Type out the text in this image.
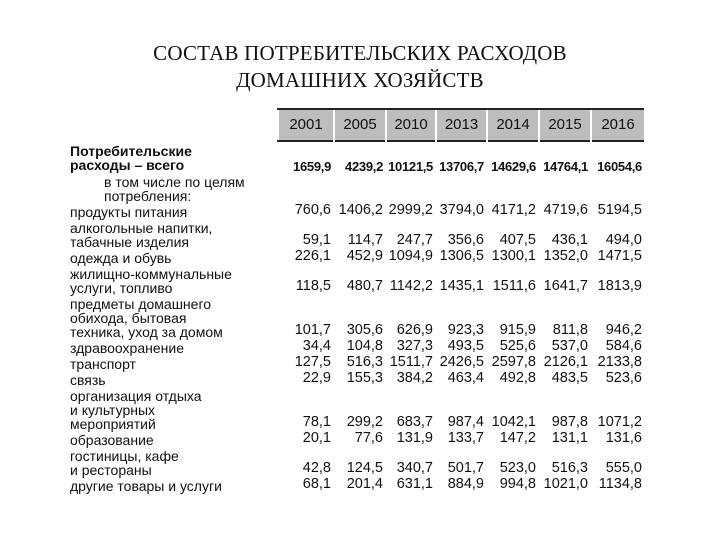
СОСТАВ ПОТРЕБИТЕЛЬСКИХ РАСХОДОВ
ДОМАШНИХ ХОЗЯЙСТВ
2001	2005	2010	2013	2014	2015	2016
Потребительские
расходы – всего	1659,9	4239,2 10121,5 13706,7 14629,6 14764,1 16054,6
в том числе по целям
потребления:
продукты питания	760,6 1406,2 2999,2 3794,0 4171,2 4719,6 5194,5
алкогольные напитки,
табачные изделия	59,1	114,7 247,7	356,6	407,5	436,1	494,0
одежда и обувь	226,1	452,9 1094,9 1306,5 1300,1 1352,0 1471,5
жилищно-коммунальные
услуги, топливо	118,5	480,7 1142,2 1435,1 1511,6 1641,7 1813,9
предметы домашнего
обихода, бытовая
техника, уход за домом	101,7	305,6 626,9	923,3	915,9	811,8	946,2
здравоохранение	34,4	104,8 327,3	493,5	525,6	537,0	584,6
транспорт	127,5	516,3 1511,7 2426,5 2597,8 2126,1 2133,8
связь	22,9	155,3 384,2	463,4	492,8	483,5	523,6
организация отдыха
и культурных
мероприятий	78,1	299,2 683,7	987,4 1042,1	987,8 1071,2
образование	20,1	77,6 131,9	133,7	147,2	131,1	131,6
гостиницы, кафе
и рестораны	42,8	124,5 340,7	501,7	523,0	516,3	555,0
другие товары и услуги	68,1	201,4 631,1	884,9	994,8 1021,0 1134,8
